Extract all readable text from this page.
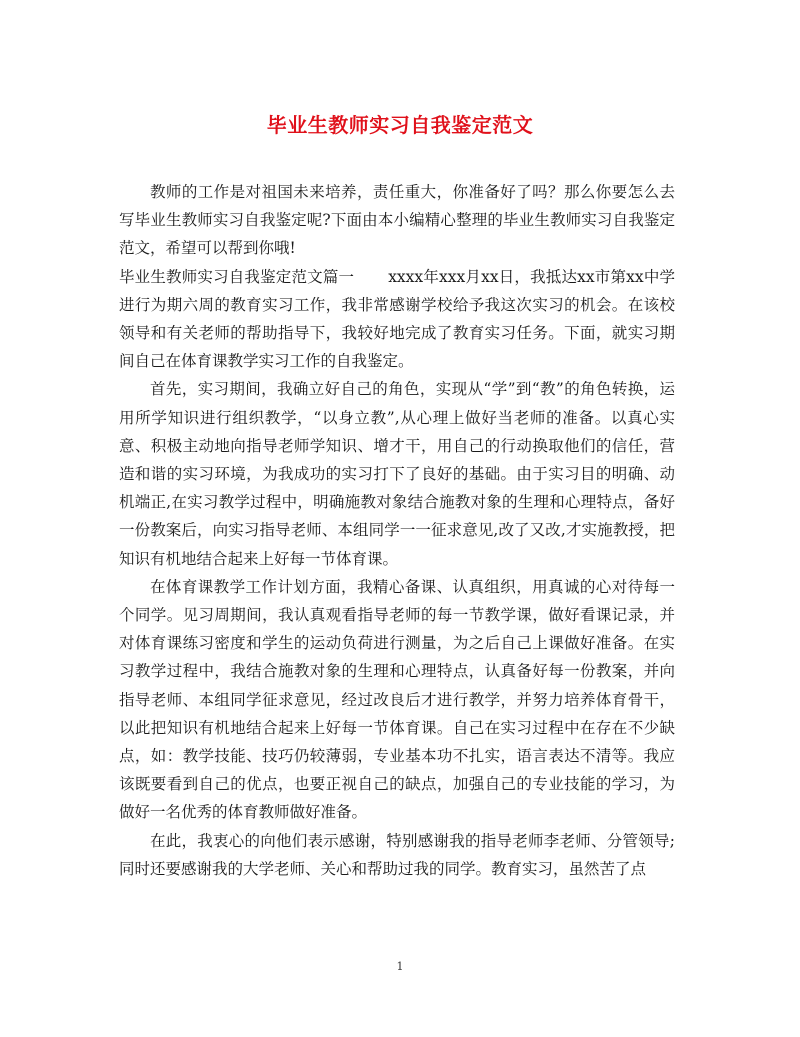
毕业生教师实习自我鉴定范文

教师的工作是对祖国未来培养，责任重大，你准备好了吗？那么你要怎么去写毕业生教师实习自我鉴定呢?下面由本小编精心整理的毕业生教师实习自我鉴定范文，希望可以帮到你哦!

毕业生教师实习自我鉴定范文篇一 xxxx年xxx月xx日，我抵达xx市第xx中学进行为期六周的教育实习工作，我非常感谢学校给予我这次实习的机会。在该校领导和有关老师的帮助指导下，我较好地完成了教育实习任务。下面，就实习期间自己在体育课教学实习工作的自我鉴定。

首先，实习期间，我确立好自己的角色，实现从“学”到“教”的角色转换，运用所学知识进行组织教学，“以身立教”,从心理上做好当老师的准备。以真心实意、积极主动地向指导老师学知识、增才干，用自己的行动换取他们的信任，营造和谐的实习环境，为我成功的实习打下了良好的基础。由于实习目的明确、动机端正,在实习教学过程中，明确施教对象结合施教对象的生理和心理特点，备好一份教案后，向实习指导老师、本组同学一一征求意见,改了又改,才实施教授，把知识有机地结合起来上好每一节体育课。

在体育课教学工作计划方面，我精心备课、认真组织，用真诚的心对待每一个同学。见习周期间，我认真观看指导老师的每一节教学课，做好看课记录，并对体育课练习密度和学生的运动负荷进行测量，为之后自己上课做好准备。在实习教学过程中，我结合施教对象的生理和心理特点，认真备好每一份教案，并向指导老师、本组同学征求意见，经过改良后才进行教学，并努力培养体育骨干，以此把知识有机地结合起来上好每一节体育课。自己在实习过程中在存在不少缺点，如：教学技能、技巧仍较薄弱，专业基本功不扎实，语言表达不清等。我应该既要看到自己的优点，也要正视自己的缺点，加强自己的专业技能的学习，为做好一名优秀的体育教师做好准备。

在此，我衷心的向他们表示感谢，特别感谢我的指导老师李老师、分管领导;同时还要感谢我的大学老师、关心和帮助过我的同学。教育实习，虽然苦了点

1
